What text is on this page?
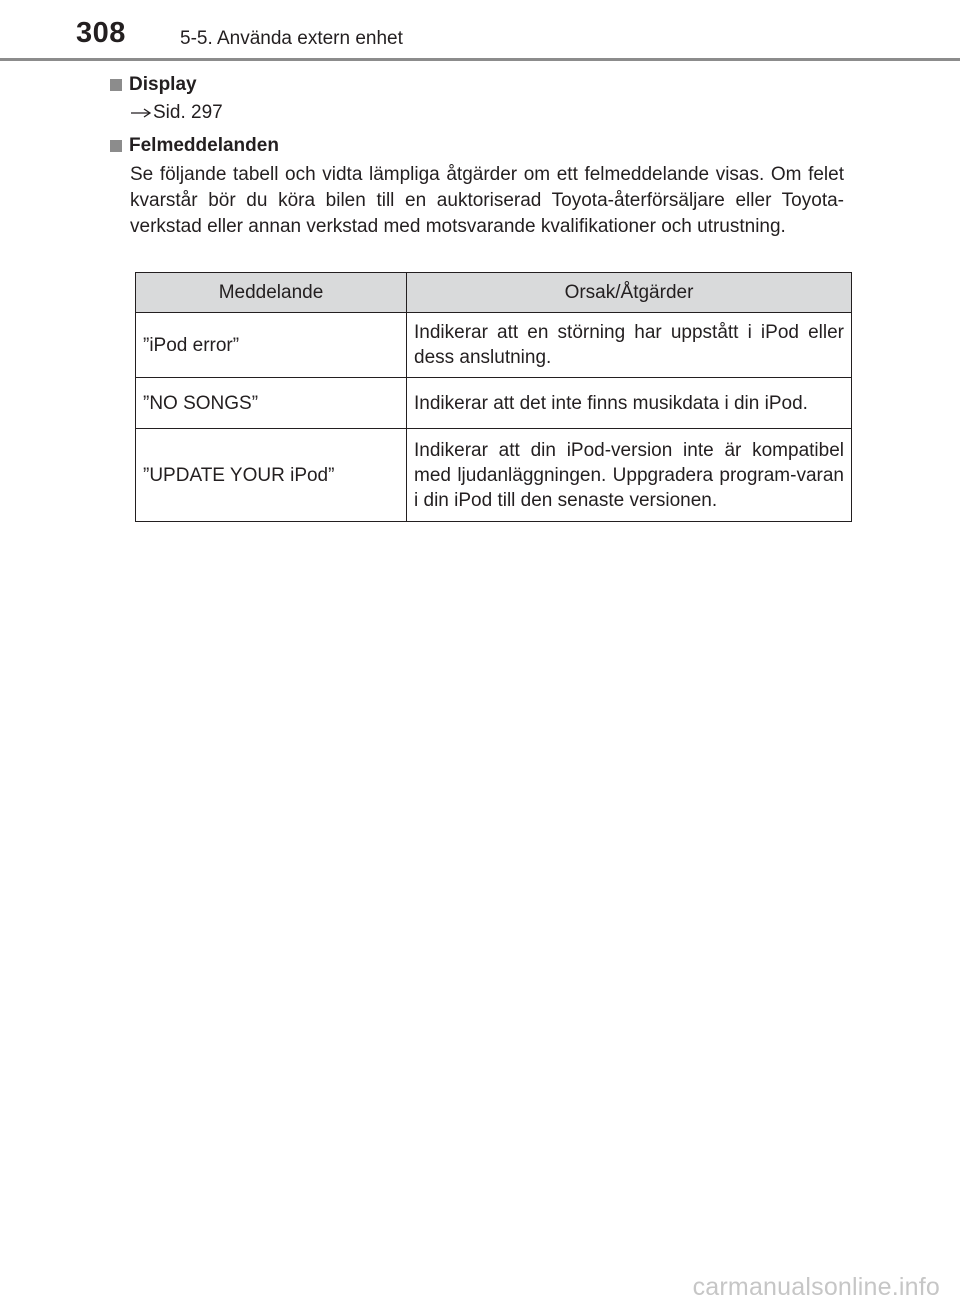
308	5-5. Använda extern enhet
Display
Sid. 297
Felmeddelanden
Se följande tabell och vidta lämpliga åtgärder om ett felmeddelande visas. Om felet kvarstår bör du köra bilen till en auktoriserad Toyota-återförsäljare eller Toyota-verkstad eller annan verkstad med motsvarande kvalifikationer och utrustning.
Meddelande	Orsak/Åtgärder
”iPod error”	Indikerar att en störning har uppstått i iPod eller dess anslutning.
”NO SONGS”	Indikerar att det inte finns musikdata i din iPod.
”UPDATE YOUR iPod”	Indikerar att din iPod-version inte är kompatibel med ljudanläggningen. Uppgradera program-varan i din iPod till den senaste versionen.
carmanualsonline.info
